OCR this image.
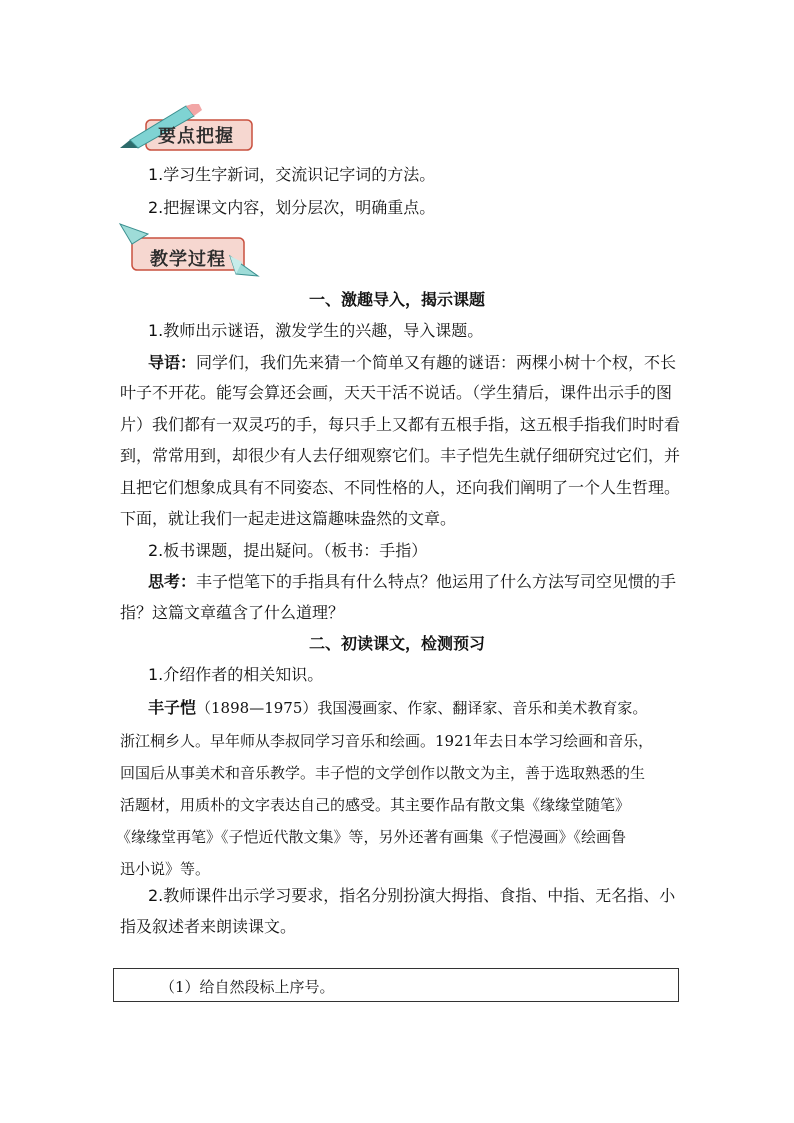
要点把握
1.学习生字新词，交流识记字词的方法。
2.把握课文内容，划分层次，明确重点。
教学过程
一、激趣导入，揭示课题
1.教师出示谜语，激发学生的兴趣，导入课题。
导语：同学们，我们先来猜一个简单又有趣的谜语：两棵小树十个杈，不长
叶子不开花。能写会算还会画，天天干活不说话。（学生猜后，课件出示手的图
片）我们都有一双灵巧的手，每只手上又都有五根手指，这五根手指我们时时看
到，常常用到，却很少有人去仔细观察它们。丰子恺先生就仔细研究过它们，并
且把它们想象成具有不同姿态、不同性格的人，还向我们阐明了一个人生哲理。
下面，就让我们一起走进这篇趣味盎然的文章。
2.板书课题，提出疑问。（板书：手指）
思考：丰子恺笔下的手指具有什么特点？他运用了什么方法写司空见惯的手
指？这篇文章蕴含了什么道理？
二、初读课文，检测预习
1.介绍作者的相关知识。
丰子恺（1898—1975）我国漫画家、作家、翻译家、音乐和美术教育家。
浙江桐乡人。早年师从李叔同学习音乐和绘画。1921年去日本学习绘画和音乐，
回国后从事美术和音乐教学。丰子恺的文学创作以散文为主，善于选取熟悉的生
活题材，用质朴的文字表达自己的感受。其主要作品有散文集《缘缘堂随笔》
《缘缘堂再笔》《子恺近代散文集》等，另外还著有画集《子恺漫画》《绘画鲁
迅小说》等。
2.教师课件出示学习要求，指名分别扮演大拇指、食指、中指、无名指、小
指及叙述者来朗读课文。
（1）给自然段标上序号。
